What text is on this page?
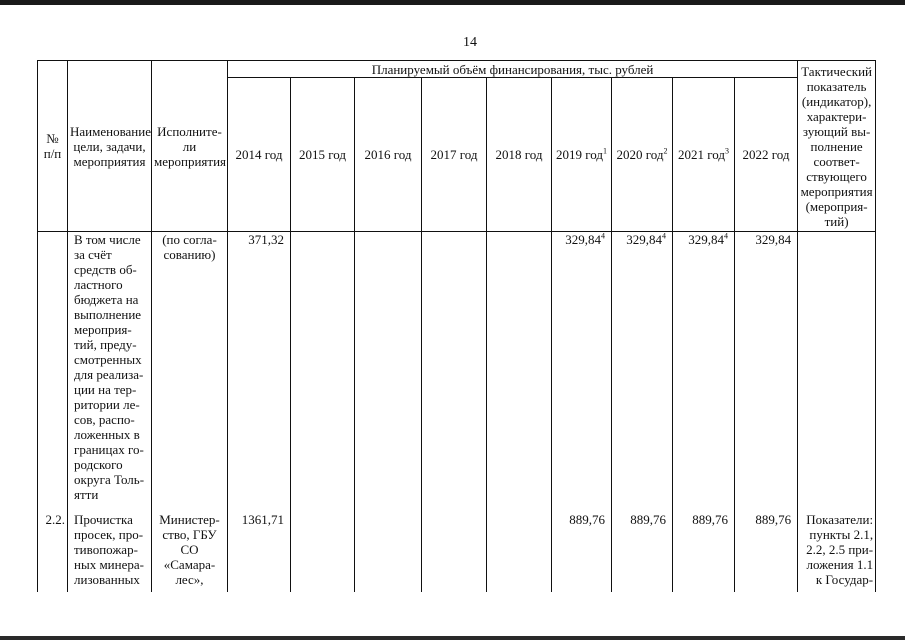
14
№ п/п	Наименование цели, задачи, мероприятия	Исполните-ли мероприятия	Планируемый объём финансирования, тыс. рублей									Тактический показатель (индикатор), характери-зующий вы-полнение соответ-ствующего мероприятия (мероприя-тий)
			2014 год	2015 год	2016 год	2017 год	2018 год	2019 год$^1$	2020 год$^2$	2021 год$^3$	2022 год	
	В том числе за счёт средств об-ластного бюджета на выполнение мероприя-тий, преду-смотренных для реализа-ции на тер-ритории ле-сов, распо-ложенных в границах го-родского округа Толь-ятти	(по согла-сованию)	371,32					329,84$^4$	329,84$^4$	329,84$^4$	329,84	
2.2.	Прочистка просек, про-тивопожар-ных минера-лизованных	Министер-ство, ГБУ СО «Самара-лес»,	1361,71					889,76	889,76	889,76	889,76	Показатели: пункты 2.1, 2.2, 2.5 при-ложения 1.1 к Государ-
